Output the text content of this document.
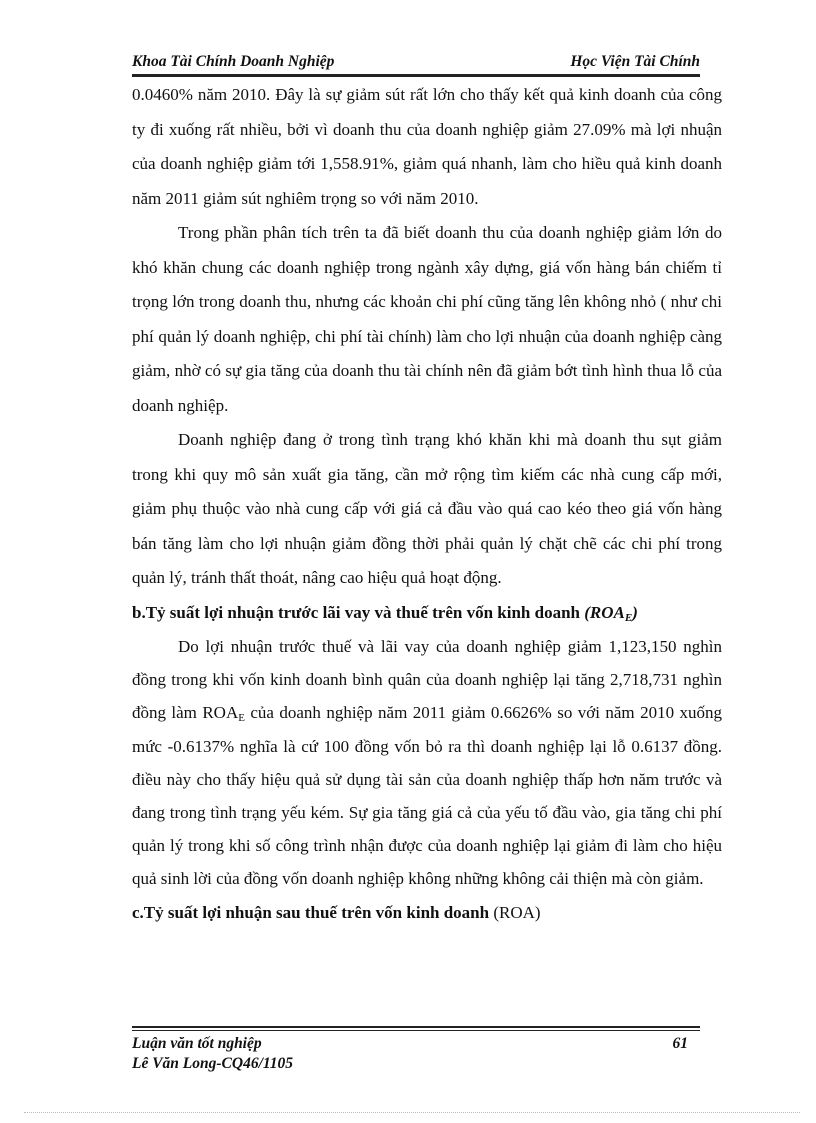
Khoa Tài Chính Doanh Nghiệp	Học Viện Tài Chính

0.0460% năm 2010. Đây là sự giảm sút rất lớn cho thấy kết quả kinh doanh của công ty đi xuống rất nhiều, bởi vì doanh thu của doanh nghiệp giảm 27.09% mà lợi nhuận của doanh nghiệp giảm tới 1,558.91%, giảm quá nhanh, làm cho hiều quả kinh doanh năm 2011 giảm sút nghiêm trọng so với năm 2010.

Trong phần phân tích trên ta đã biết doanh thu của doanh nghiệp giảm lớn do khó khăn chung các doanh nghiệp trong ngành xây dựng, giá vốn hàng bán chiếm tỉ trọng lớn trong doanh thu, nhưng các khoản chi phí cũng tăng lên không nhỏ ( như chi phí quản lý doanh nghiệp, chi phí tài chính) làm cho lợi nhuận của doanh nghiệp càng giảm, nhờ có sự gia tăng của doanh thu tài chính nên đã giảm bớt tình hình thua lỗ của doanh nghiệp.

Doanh nghiệp đang ở trong tình trạng khó khăn khi mà doanh thu sụt giảm trong khi quy mô sản xuất gia tăng, cần mở rộng tìm kiếm các nhà cung cấp mới, giảm phụ thuộc vào nhà cung cấp với giá cả đầu vào quá cao kéo theo giá vốn hàng bán tăng làm cho lợi nhuận giảm đồng thời phải quản lý chặt chẽ các chi phí trong quản lý, tránh thất thoát, nâng cao hiệu quả hoạt động.

b.Tỷ suất lợi nhuận trước lãi vay và thuế trên vốn kinh doanh $(ROA_E)$

Do lợi nhuận trước thuế và lãi vay của doanh nghiệp giảm 1,123,150 nghìn đồng trong khi vốn kinh doanh bình quân của doanh nghiệp lại tăng 2,718,731 nghìn đồng làm $ROA_E$ của doanh nghiệp năm 2011 giảm 0.6626% so với năm 2010 xuống mức -0.6137% nghĩa là cứ 100 đồng vốn bỏ ra thì doanh nghiệp lại lỗ 0.6137 đồng. điều này cho thấy hiệu quả sử dụng tài sản của doanh nghiệp thấp hơn năm trước và đang trong tình trạng yếu kém. Sự gia tăng giá cả của yếu tố đầu vào, gia tăng chi phí quản lý trong khi số công trình nhận được của doanh nghiệp lại giảm đi làm cho hiệu quả sinh lời của đồng vốn doanh nghiệp không những không cải thiện mà còn giảm.

c.Tỷ suất lợi nhuận sau thuế trên vốn kinh doanh (ROA)
Luận văn tốt nghiệp
Lê Văn Long-CQ46/1105
61
